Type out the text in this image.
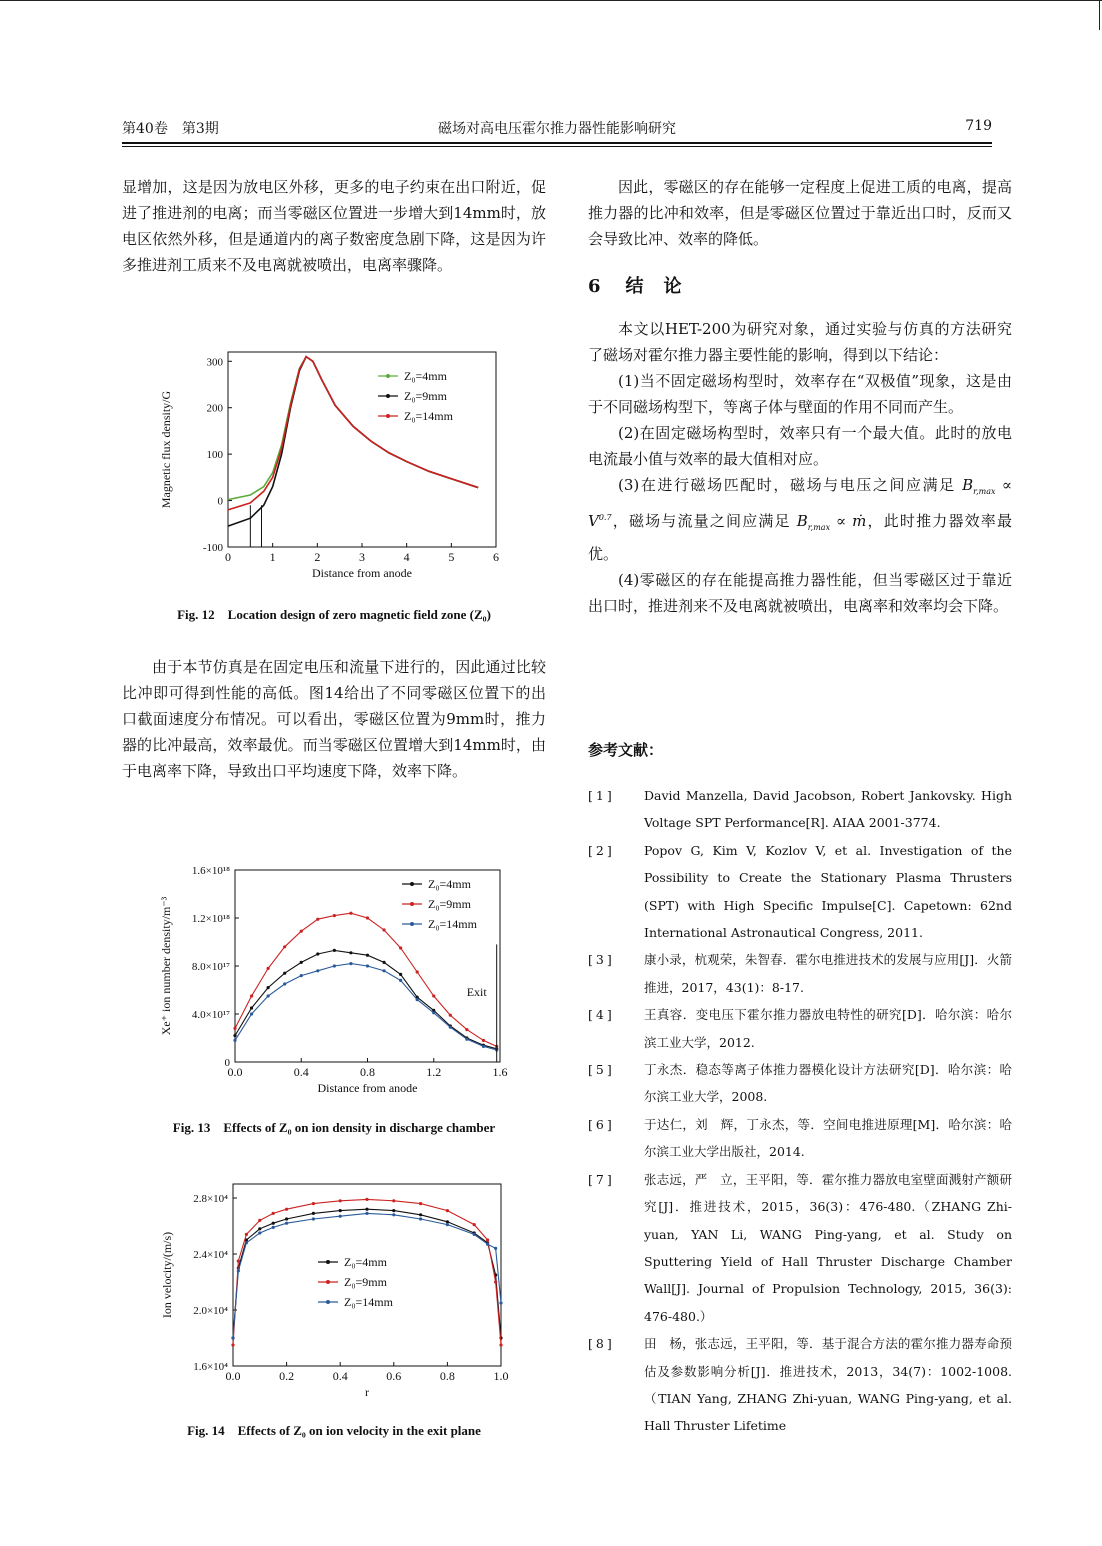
第40卷　第3期	磁场对高电压霍尔推力器性能影响研究	719

显增加，这是因为放电区外移，更多的电子约束在出口附近，促进了推进剂的电离；而当零磁区位置进一步增大到14mm时，放电区依然外移，但是通道内的离子数密度急剧下降，这是因为许多推进剂工质来不及电离就被喷出，电离率骤降。

由于本节仿真是在固定电压和流量下进行的，因此通过比较比冲即可得到性能的高低。图14给出了不同零磁区位置下的出口截面速度分布情况。可以看出，零磁区位置为9mm时，推力器的比冲最高，效率最优。而当零磁区位置增大到14mm时，由于电离率下降，导致出口平均速度下降，效率下降。

0	1	2	3	4	5	6
-100
0
100
200
300
Distance from anode
Magnetic flux density/G
Z₀=4mm
Z₀=9mm
Z₀=14mm
Fig. 12　Location design of zero magnetic field zone (Z₀)
0.0	0.4	0.8	1.2	1.6
0
4.0×10¹⁷
8.0×10¹⁷
1.2×10¹⁸
1.6×10¹⁸
Distance from anode
Xe⁺ ion number density/m⁻³
Z₀=4mm
Z₀=9mm
Z₀=14mm
Exit
Fig. 13　Effects of Z₀ on ion density in discharge chamber
0.0	0.2	0.4	0.6	0.8	1.0
1.6×10⁴
2.0×10⁴
2.4×10⁴
2.8×10⁴
r
Ion velocity/(m/s)	Z₀=4mm
Z₀=9mm
Z₀=14mm
Fig. 14　Effects of Z₀ on ion velocity in the exit plane

因此，零磁区的存在能够一定程度上促进工质的电离，提高推力器的比冲和效率，但是零磁区位置过于靠近出口时，反而又会导致比冲、效率的降低。

6 结　论

本文以HET-200为研究对象，通过实验与仿真的方法研究了磁场对霍尔推力器主要性能的影响，得到以下结论：

(1)当不固定磁场构型时，效率存在“双极值”现象，这是由于不同磁场构型下，等离子体与壁面的作用不同而产生。

(2)在固定磁场构型时，效率只有一个最大值。此时的放电电流最小值与效率的最大值相对应。

(3)在进行磁场匹配时，磁场与电压之间应满足 $B_{r,max} \propto V^{0.7}$，磁场与流量之间应满足 $B_{r,max}$ ∝ ṁ，此时推力器效率最优。

(4)零磁区的存在能提高推力器性能，但当零磁区过于靠近出口时，推进剂来不及电离就被喷出，电离率和效率均会下降。

参考文献：
[1]	David Manzella, David Jacobson, Robert Jankovsky. High Voltage SPT Performance[R]. AIAA 2001-3774.
[2]	Popov G, Kim V, Kozlov V, et al. Investigation of the Possibility to Create the Stationary Plasma Thrusters (SPT) with High Specific Impulse[C]. Capetown: 62nd International Astronautical Congress, 2011.
[3]	康小录，杭观荣，朱智春．霍尔电推进技术的发展与应用[J]．火箭推进，2017，43(1)：8-17.
[4]	王真容．变电压下霍尔推力器放电特性的研究[D]．哈尔滨：哈尔滨工业大学，2012.
[5]	丁永杰．稳态等离子体推力器模化设计方法研究[D]．哈尔滨：哈尔滨工业大学，2008.
[6]	于达仁，刘　辉，丁永杰，等．空间电推进原理[M]．哈尔滨：哈尔滨工业大学出版社，2014.
[7]	张志远，严　立，王平阳，等．霍尔推力器放电室壁面溅射产额研究[J]．推进技术，2015，36(3)：476-480.（ZHANG Zhi-yuan, YAN Li, WANG Ping-yang, et al. Study on Sputtering Yield of Hall Thruster Discharge Chamber Wall[J]. Journal of Propulsion Technology, 2015, 36(3): 476-480.）
[8]	田　杨，张志远，王平阳，等．基于混合方法的霍尔推力器寿命预估及参数影响分析[J]．推进技术，2013，34(7)：1002-1008.（TIAN Yang, ZHANG Zhi-yuan, WANG Ping-yang, et al. Hall Thruster Lifetime
